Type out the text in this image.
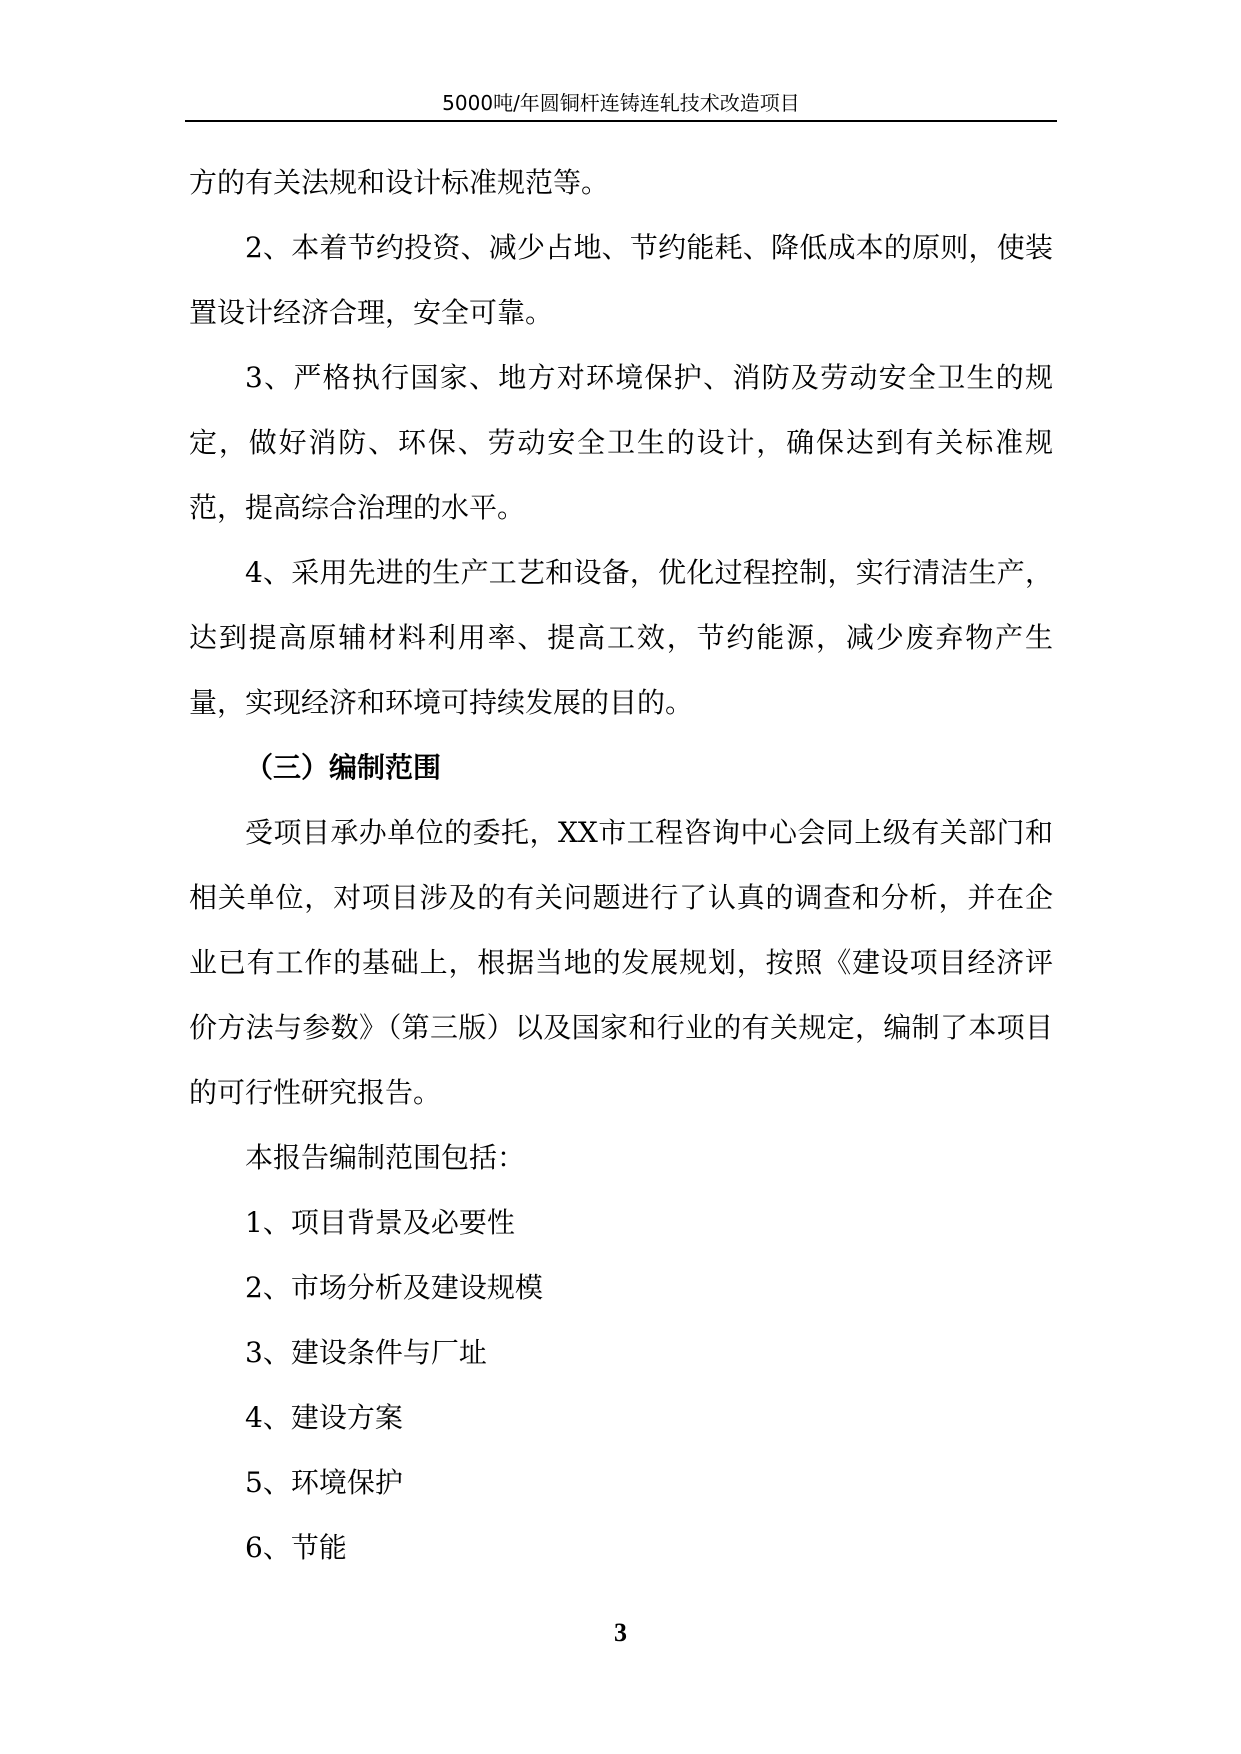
5000吨/年圆铜杆连铸连轧技术改造项目

方的有关法规和设计标准规范等。

2、本着节约投资、减少占地、节约能耗、降低成本的原则，使装置设计经济合理，安全可靠。

3、严格执行国家、地方对环境保护、消防及劳动安全卫生的规定，做好消防、环保、劳动安全卫生的设计，确保达到有关标准规范，提高综合治理的水平。

4、采用先进的生产工艺和设备，优化过程控制，实行清洁生产，达到提高原辅材料利用率、提高工效，节约能源，减少废弃物产生量，实现经济和环境可持续发展的目的。

（三）编制范围

受项目承办单位的委托，XX市工程咨询中心会同上级有关部门和相关单位，对项目涉及的有关问题进行了认真的调查和分析，并在企业已有工作的基础上，根据当地的发展规划，按照《建设项目经济评价方法与参数》（第三版）以及国家和行业的有关规定，编制了本项目的可行性研究报告。

本报告编制范围包括：

1、项目背景及必要性

2、市场分析及建设规模

3、建设条件与厂址

4、建设方案

5、环境保护

6、节能

3
